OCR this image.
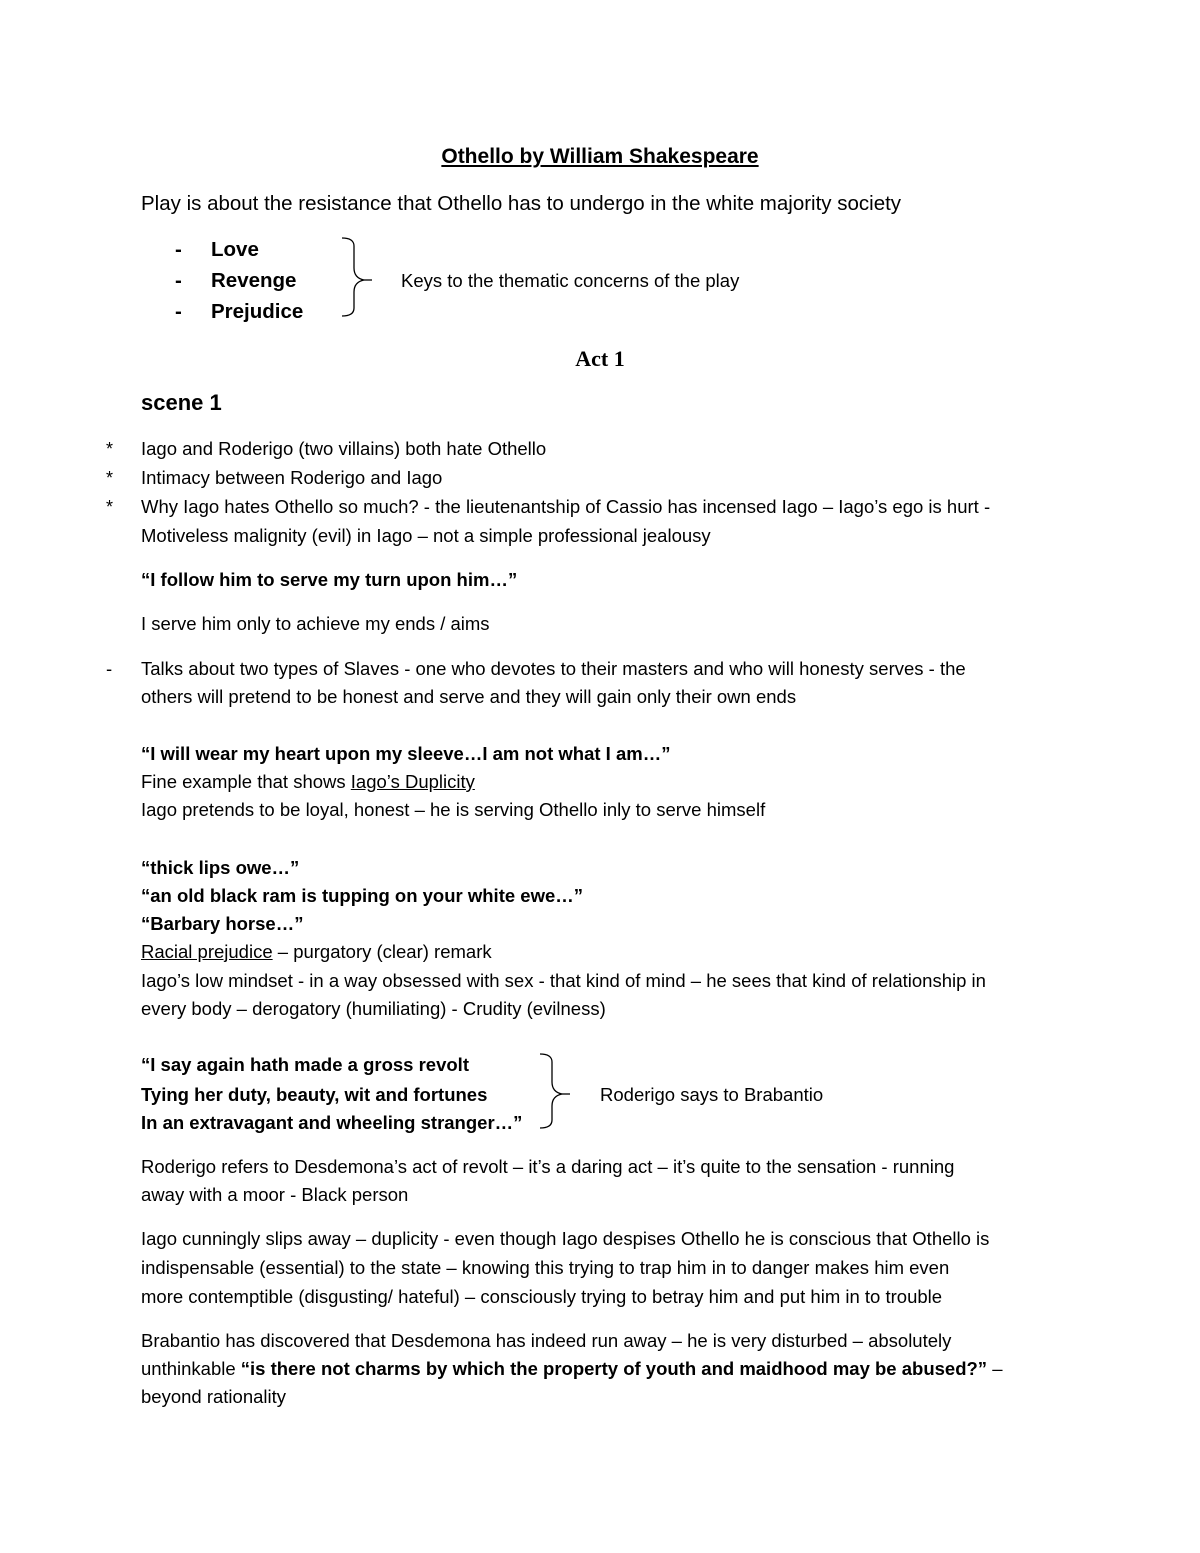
Othello by William Shakespeare
Play is about the resistance that Othello has to undergo in the white majority society
- Love
- Revenge
- Prejudice
Keys to the thematic concerns of the play
Act 1
scene 1
* Iago and Roderigo (two villains) both hate Othello
* Intimacy between Roderigo and Iago
* Why Iago hates Othello so much? - the lieutenantship of Cassio has incensed Iago – Iago’s ego is hurt -
Motiveless malignity (evil) in Iago – not a simple professional jealousy
“I follow him to serve my turn upon him…”
I serve him only to achieve my ends / aims
- Talks about two types of Slaves - one who devotes to their masters and who will honesty serves - the
others will pretend to be honest and serve and they will gain only their own ends
“I will wear my heart upon my sleeve…I am not what I am…”
Fine example that shows Iago’s Duplicity
Iago pretends to be loyal, honest – he is serving Othello inly to serve himself
“thick lips owe…”
“an old black ram is tupping on your white ewe…”
“Barbary horse…”
Racial prejudice – purgatory (clear) remark
Iago’s low mindset - in a way obsessed with sex - that kind of mind – he sees that kind of relationship in
every body – derogatory (humiliating) - Crudity (evilness)
“I say again hath made a gross revolt
Tying her duty, beauty, wit and fortunes
In an extravagant and wheeling stranger…”
Roderigo says to Brabantio
Roderigo refers to Desdemona’s act of revolt – it’s a daring act – it’s quite to the sensation - running
away with a moor - Black person
Iago cunningly slips away – duplicity - even though Iago despises Othello he is conscious that Othello is
indispensable (essential) to the state – knowing this trying to trap him in to danger makes him even
more contemptible (disgusting/ hateful) – consciously trying to betray him and put him in to trouble
Brabantio has discovered that Desdemona has indeed run away – he is very disturbed – absolutely
unthinkable “is there not charms by which the property of youth and maidhood may be abused?” –
beyond rationality
